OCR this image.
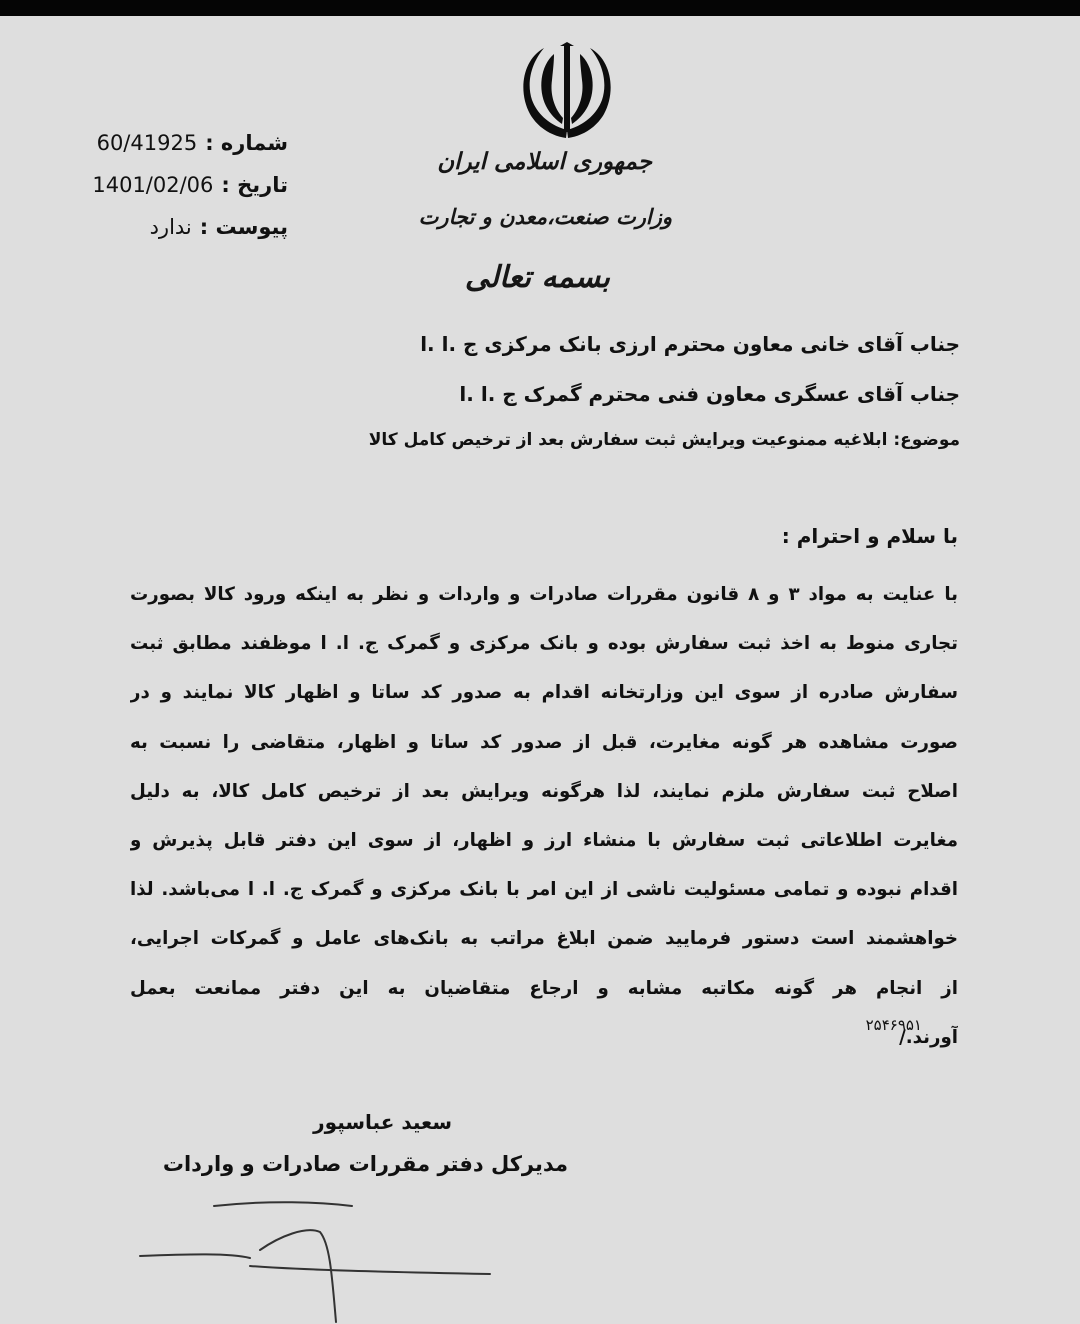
جمهوری اسلامی ایران
وزارت صنعت،معدن و تجارت
بسمه تعالی
60/41925 شماره :
1401/02/06 تاریخ :
ندارد پیوست :
جناب آقای خانی معاون محترم ارزی بانک مرکزی ج .ا .ا
جناب آقای عسگری معاون فنی محترم گمرک ج .ا .ا
موضوع: ابلاغیه ممنوعیت ویرایش ثبت سفارش بعد از ترخیص کامل کالا
با سلام و احترام :
با عنایت به مواد ۳ و ۸ قانون مقررات صادرات و واردات و نظر به اینکه ورود کالا بصورت
تجاری منوط به اخذ ثبت سفارش بوده و بانک مرکزی و گمرک ج. ا. ا موظفند مطابق ثبت
سفارش صادره از سوی این وزارتخانه اقدام به صدور کد ساتا و اظهار کالا نمایند و در
صورت مشاهده هر گونه مغایرت، قبل از صدور کد ساتا و اظهار، متقاضی را نسبت به
اصلاح ثبت سفارش ملزم نمایند، لذا هرگونه ویرایش بعد از ترخیص کامل کالا، به دلیل
مغایرت اطلاعاتی ثبت سفارش با منشاء ارز و اظهار، از سوی این دفتر قابل پذیرش و
اقدام نبوده و تمامی مسئولیت ناشی از این امر با بانک مرکزی و گمرک ج. ا. ا می‌باشد. لذا
خواهشمند است دستور فرمایید ضمن ابلاغ مراتب به بانک‌های عامل و گمرکات اجرایی،
از انجام هر گونه مکاتبه مشابه و ارجاع متقاضیان به این دفتر ممانعت بعمل
آورند./
۲۵۴۶۹۵۱
سعید عباسپور
مدیرکل دفتر مقررات صادرات و واردات
